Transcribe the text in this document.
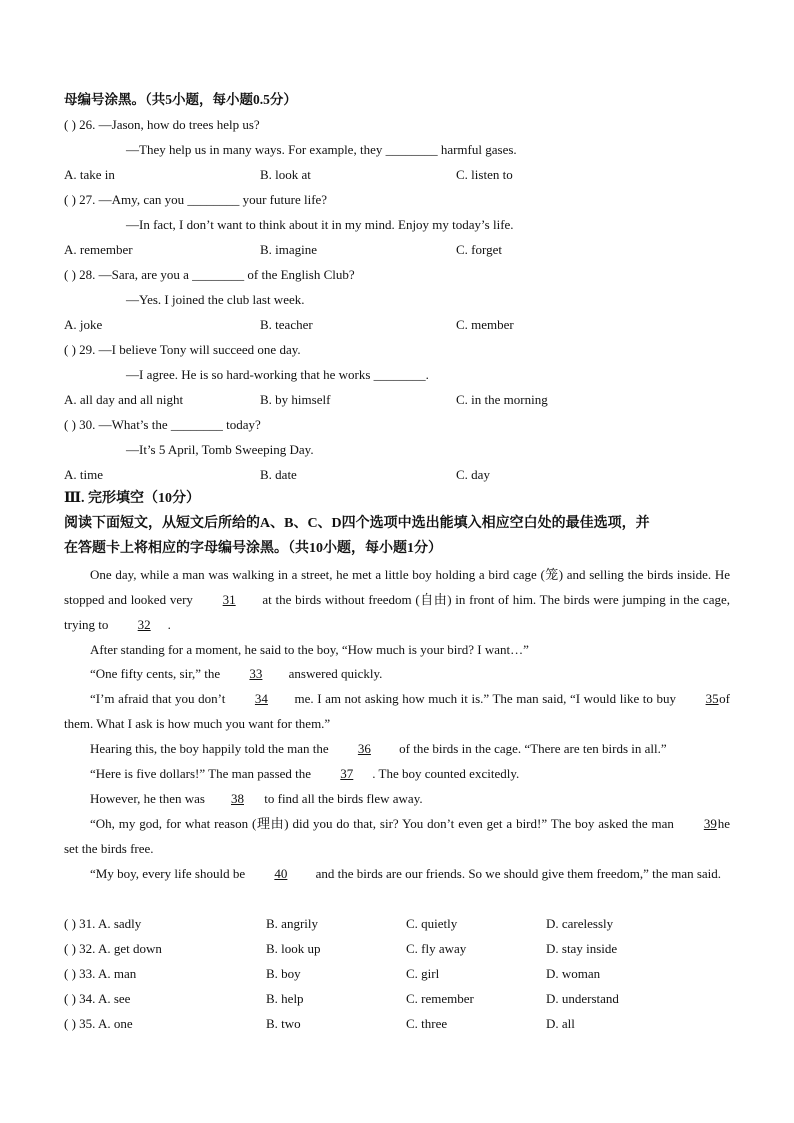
母编号涂黑。（共5小题，每小题0.5分）
( ) 26. —Jason, how do trees help us?
—They help us in many ways. For example, they ________ harmful gases.
A. take in	B. look at	C. listen to
( ) 27. —Amy, can you ________ your future life?
—In fact, I don’t want to think about it in my mind. Enjoy my today’s life.
A. remember	B. imagine	C. forget
( ) 28. —Sara, are you a ________ of the English Club?
—Yes. I joined the club last week.
A. joke	B. teacher	C. member
( ) 29. —I believe Tony will succeed one day.
—I agree. He is so hard-working that he works ________.
A. all day and all night	B. by himself	C. in the morning
( ) 30. —What’s the ________ today?
—It’s 5 April, Tomb Sweeping Day.
A. time	B. date	C. day
Ⅲ. 完形填空（10分）
阅读下面短文，从短文后所给的A、B、C、D四个选项中选出能填入相应空白处的最佳选项，并
在答题卡上将相应的字母编号涂黑。（共10小题，每小题1分）
One day, while a man was walking in a street, he met a little boy holding a bird cage (笼) and selling the birds inside. He stopped and looked very 31 at the birds without freedom (自由) in front of him. The birds were jumping in the cage, trying to 32 .
After standing for a moment, he said to the boy, “How much is your bird? I want…”
“One fifty cents, sir,” the 33 answered quickly.
“I’m afraid that you don’t 34 me. I am not asking how much it is.” The man said, “I would like to buy 35 of them. What I ask is how much you want for them.”
Hearing this, the boy happily told the man the 36 of the birds in the cage. “There are ten birds in all.”
“Here is five dollars!” The man passed the 37 . The boy counted excitedly.
However, he then was 38 to find all the birds flew away.
“Oh, my god, for what reason (理由) did you do that, sir? You don’t even get a bird!” The boy asked the man 39 he set the birds free.
“My boy, every life should be 40 and the birds are our friends. So we should give them freedom,” the man said.
( ) 31. A. sadly	B. angrily	C. quietly	D. carelessly
( ) 32. A. get down	B. look up	C. fly away	D. stay inside
( ) 33. A. man	B. boy	C. girl	D. woman
( ) 34. A. see	B. help	C. remember	D. understand
( ) 35. A. one	B. two	C. three	D. all
